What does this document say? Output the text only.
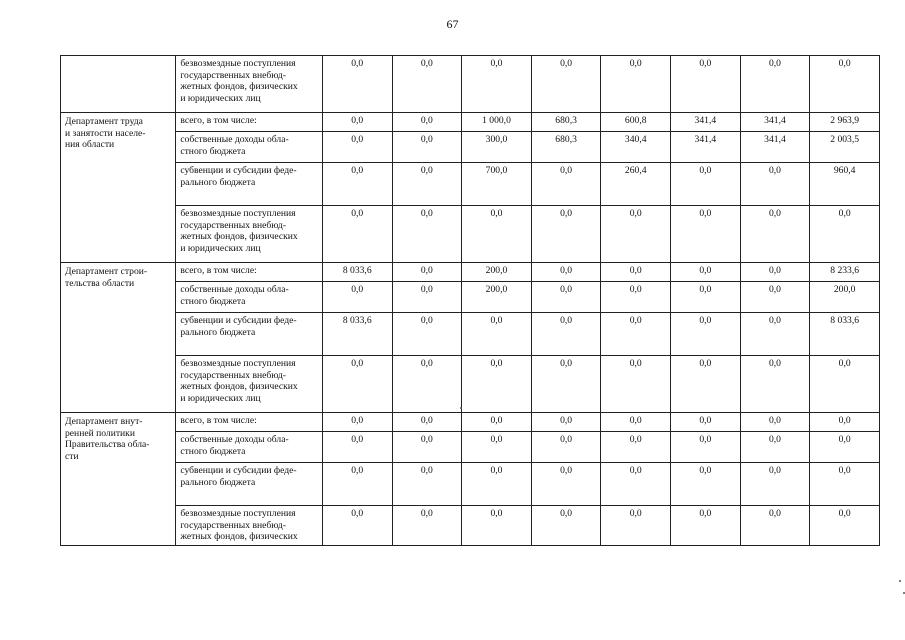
67

	безвозмездные поступления
государственных внебюд-
жетных фондов, физических
и юридических лиц	0,0	0,0	0,0	0,0	0,0	0,0	0,0	0,0

Департамент труда
и занятости населе-
ния области	всего, в том числе:	0,0	0,0	1 000,0	680,3	600,8	341,4	341,4	2 963,9

	собственные доходы обла-
стного бюджета	0,0	0,0	300,0	680,3	340,4	341,4	341,4	2 003,5

	субвенции и субсидии феде-
рального бюджета	0,0	0,0	700,0	0,0	260,4	0,0	0,0	960,4

	безвозмездные поступления
государственных внебюд-
жетных фондов, физических
и юридических лиц	0,0	0,0	0,0	0,0	0,0	0,0	0,0	0,0

Департамент строи-
тельства области	всего, в том числе:	8 033,6	0,0	200,0	0,0	0,0	0,0	0,0	8 233,6

	собственные доходы обла-
стного бюджета	0,0	0,0	200,0	0,0	0,0	0,0	0,0	200,0

	субвенции и субсидии феде-
рального бюджета	8 033,6	0,0	0,0	0,0	0,0	0,0	0,0	8 033,6

	безвозмездные поступления
государственных внебюд-
жетных фондов, физических
и юридических лиц	0,0	0,0	0,0	0,0	0,0	0,0	0,0	0,0

Департамент внут-
ренней политики
Правительства обла-
сти	всего, в том числе:	0,0	0,0	0,0	0,0	0,0	0,0	0,0	0,0

	собственные доходы обла-
стного бюджета	0,0	0,0	0,0	0,0	0,0	0,0	0,0	0,0

	субвенции и субсидии феде-
рального бюджета	0,0	0,0	0,0	0,0	0,0	0,0	0,0	0,0

	безвозмездные поступления
государственных внебюд-
жетных фондов, физических	0,0	0,0	0,0	0,0	0,0	0,0	0,0	0,0
